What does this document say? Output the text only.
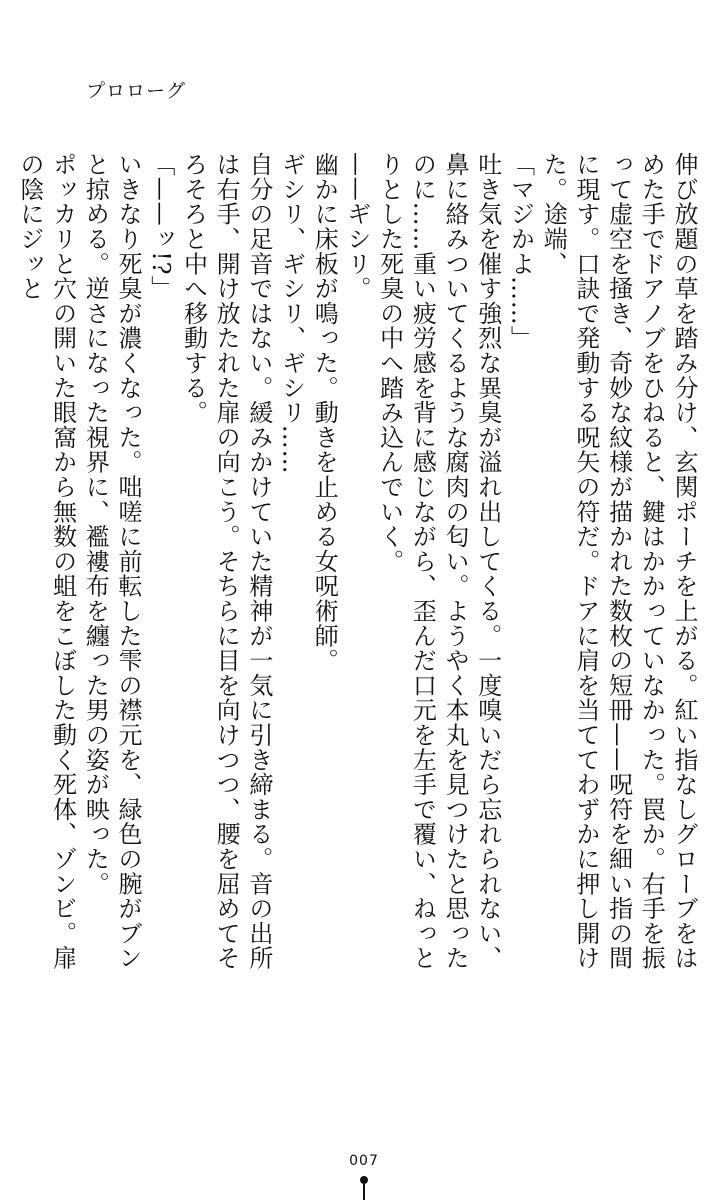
プロローグ

伸び放題の草を踏み分け、玄関ポーチを上がる。紅い指なしグローブをはめた手でドアノブをひねると、鍵はかかっていなかった。罠か。右手を振って虚空を掻き、奇妙な紋様が描かれた数枚の短冊——呪符を細い指の間に現す。口訣で発動する呪矢の符だ。ドアに肩を当ててわずかに押し開けた。途端、

「マジかよ……」

吐き気を催す強烈な異臭が溢れ出してくる。一度嗅いだら忘れられない、鼻に絡みついてくるような腐肉の匂い。ようやく本丸を見つけたと思ったのに……重い疲労感を背に感じながら、歪んだ口元を左手で覆い、ねっとりとした死臭の中へ踏み込んでいく。

——ギシリ。

幽かに床板が鳴った。動きを止める女呪術師。

ギシリ、ギシリ、ギシリ……

自分の足音ではない。緩みかけていた精神が一気に引き締まる。音の出所は右手、開け放たれた扉の向こう。そちらに目を向けつつ、腰を屈めてそろそろと中へ移動する。

「——ッ!?」

いきなり死臭が濃くなった。咄嗟に前転した雫の襟元を、緑色の腕がブンと掠める。逆さになった視界に、襤褸布を纏った男の姿が映った。

ポッカリと穴の開いた眼窩から無数の蛆をこぼした動く死体、ゾンビ。扉の陰にジッと

007
